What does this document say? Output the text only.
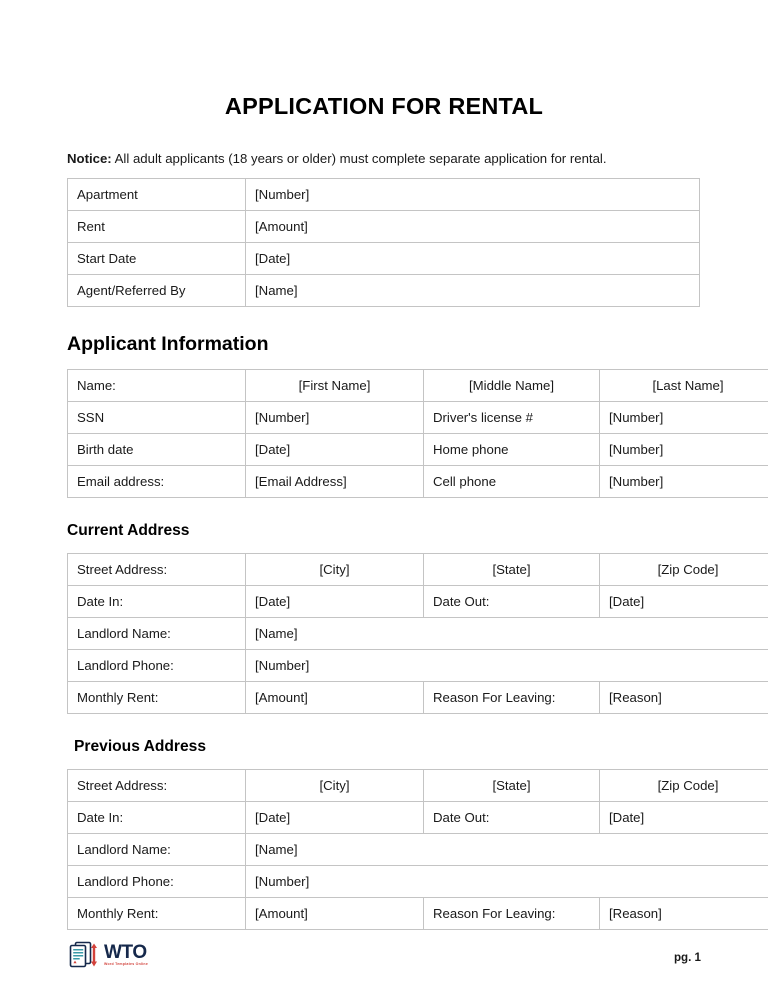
APPLICATION FOR RENTAL

Notice: All adult applicants (18 years or older) must complete separate application for rental.

Apartment	[Number]
Rent	[Amount]
Start Date	[Date]
Agent/Referred By	[Name]
Applicant Information
Name:	[First Name]	[Middle Name]	[Last Name]
SSN	[Number]	Driver's license #	[Number]
Birth date	[Date]	Home phone	[Number]
Email address:	[Email Address]	Cell phone	[Number]
Current Address
Street Address:	[City]	[State]	[Zip Code]
Date In:	[Date]	Date Out:	[Date]
Landlord Name:	[Name]		
Landlord Phone:	[Number]		
Monthly Rent:	[Amount]	Reason For Leaving:	[Reason]
Previous Address
Street Address:	[City]	[State]	[Zip Code]
Date In:	[Date]	Date Out:	[Date]
Landlord Name:	[Name]		
Landlord Phone:	[Number]		
Monthly Rent:	[Amount]	Reason For Leaving:	[Reason]
WTO
Word Templates Online	pg. 1
